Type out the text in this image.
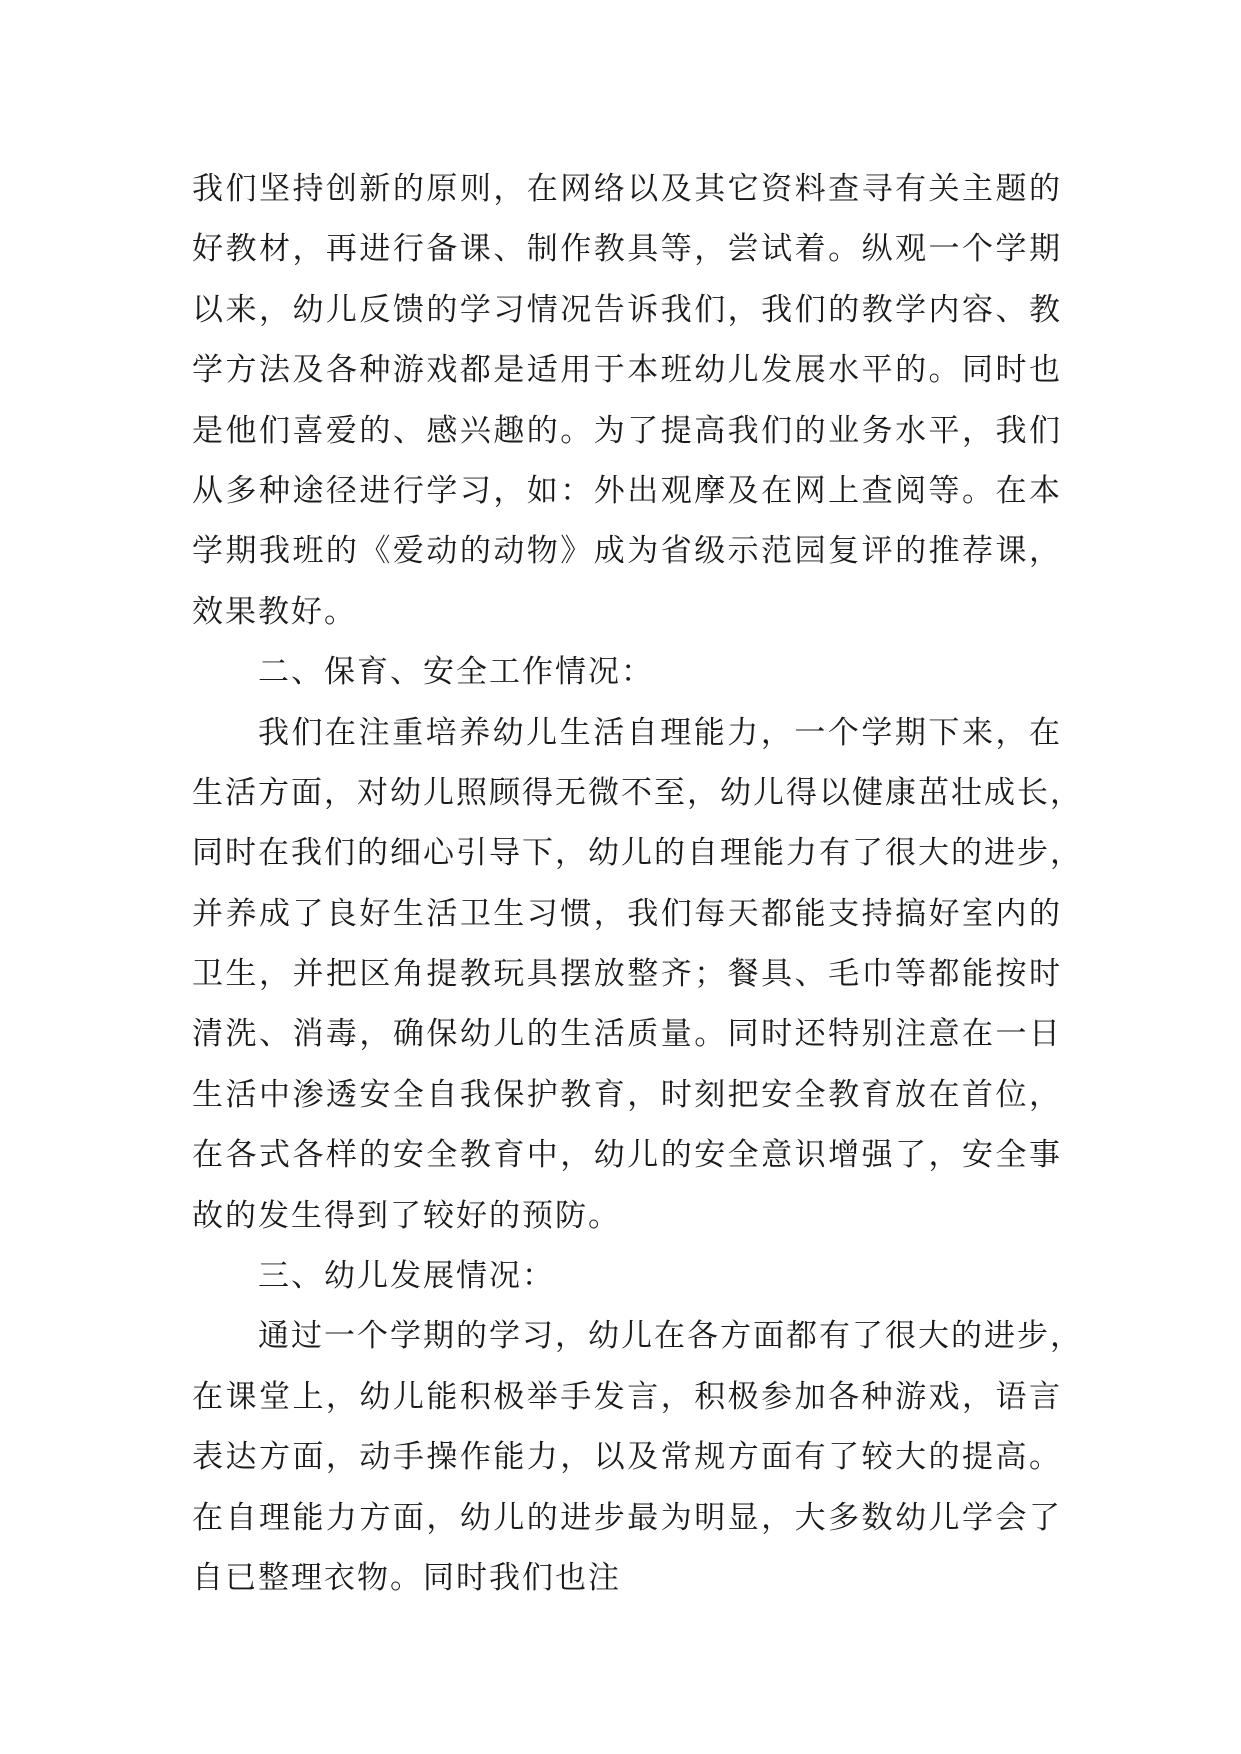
我们坚持创新的原则，在网络以及其它资料查寻有关主题的
好教材，再进行备课、制作教具等，尝试着。纵观一个学期
以来，幼儿反馈的学习情况告诉我们，我们的教学内容、教
学方法及各种游戏都是适用于本班幼儿发展水平的。同时也
是他们喜爱的、感兴趣的。为了提高我们的业务水平，我们
从多种途径进行学习，如：外出观摩及在网上查阅等。在本
学期我班的《爱动的动物》成为省级示范园复评的推荐课，
效果教好。
二、保育、安全工作情况：
我们在注重培养幼儿生活自理能力，一个学期下来，在
生活方面，对幼儿照顾得无微不至，幼儿得以健康茁壮成长，
同时在我们的细心引导下，幼儿的自理能力有了很大的进步，
并养成了良好生活卫生习惯，我们每天都能支持搞好室内的
卫生，并把区角提教玩具摆放整齐；餐具、毛巾等都能按时
清洗、消毒，确保幼儿的生活质量。同时还特别注意在一日
生活中渗透安全自我保护教育，时刻把安全教育放在首位，
在各式各样的安全教育中，幼儿的安全意识增强了，安全事
故的发生得到了较好的预防。
三、幼儿发展情况：
通过一个学期的学习，幼儿在各方面都有了很大的进步，
在课堂上，幼儿能积极举手发言，积极参加各种游戏，语言
表达方面，动手操作能力，以及常规方面有了较大的提高。
在自理能力方面，幼儿的进步最为明显，大多数幼儿学会了
自已整理衣物。同时我们也注
